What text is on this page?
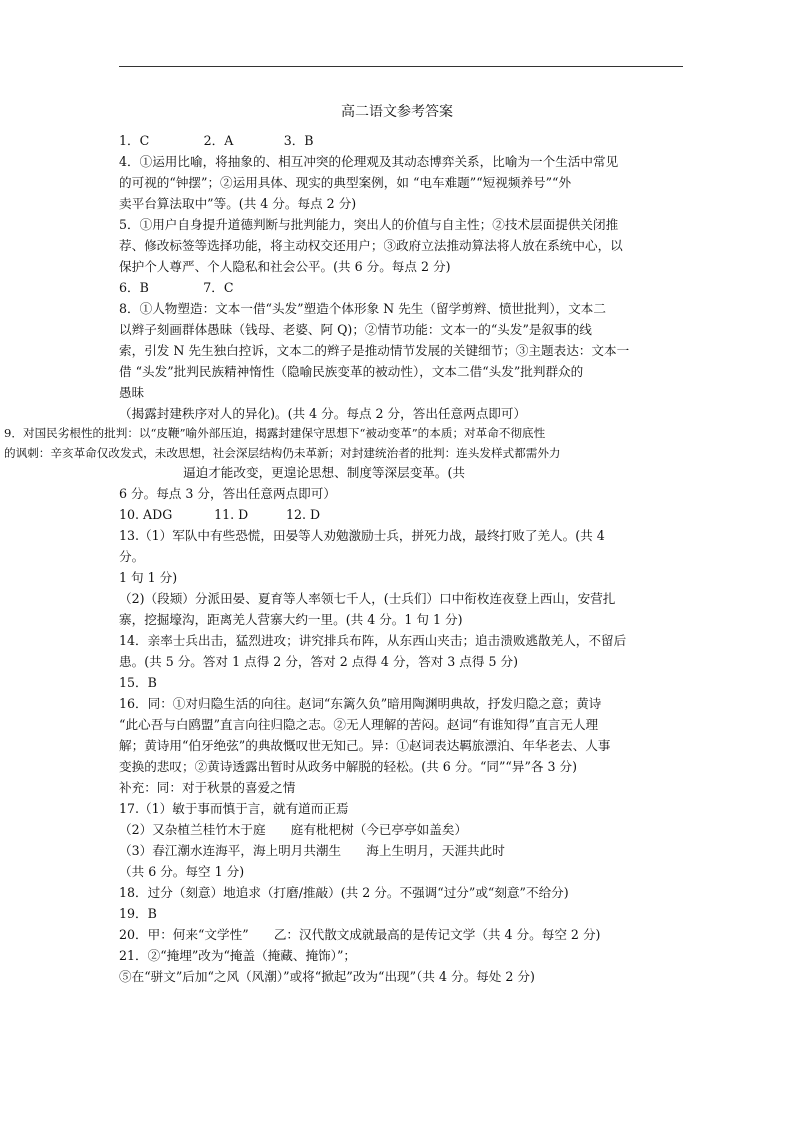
高二语文参考答案
1．C　　　　 2．A　　　　3．B
4．①运用比喻，将抽象的、相互冲突的伦理观及其动态博弈关系，比喻为一个生活中常见
的可视的“钟摆”；②运用具体、现实的典型案例，如 “电车难题”“短视频养号”“外
卖平台算法取中”等。(共 4 分。每点 2 分)
5．①用户自身提升道德判断与批判能力，突出人的价值与自主性；②技术层面提供关闭推
荐、修改标签等选择功能，将主动权交还用户；③政府立法推动算法将人放在系统中心，以
保护个人尊严、个人隐私和社会公平。(共 6 分。每点 2 分)
6．B　　　　 7．C
8．①人物塑造：文本一借“头发”塑造个体形象 N 先生（留学剪辫、愤世批判），文本二
以辫子刻画群体愚昧（钱母、老婆、阿 Q)；②情节功能：文本一的“头发”是叙事的线
索，引发 N 先生独白控诉，文本二的辫子是推动情节发展的关键细节；③主题表达：文本一
借 “头发”批判民族精神惰性（隐喻民族变革的被动性），文本二借“头发”批判群众的
愚昧
（揭露封建秩序对人的异化)。(共 4 分。每点 2 分，答出任意两点即可）
9．对国民劣根性的批判：以“皮鞭”喻外部压迫，揭露封建保守思想下“被动变革”的本质；对革命不彻底性
的讽刺：辛亥革命仅改发式，未改思想，社会深层结构仍未革新；对封建统治者的批判：连头发样式都需外力
逼迫才能改变，更遑论思想、制度等深层变革。(共
6 分。每点 3 分，答出任意两点即可）
10. ADG　　　 11. D　　　12. D
13.（1）军队中有些恐慌，田晏等人劝勉激励士兵，拼死力战，最终打败了羌人。(共 4
分。
1 句 1 分)
（2)（段颎）分派田晏、夏育等人率领七千人，(士兵们）口中衔枚连夜登上西山，安营扎
寨，挖掘壕沟，距离羌人营寨大约一里。(共 4 分。1 句 1 分)
14．亲率士兵出击，猛烈进攻；讲究排兵布阵，从东西山夹击；追击溃败逃散羌人，不留后
患。(共 5 分。答对 1 点得 2 分，答对 2 点得 4 分，答对 3 点得 5 分)
15．B
16．同：①对归隐生活的向往。赵词“东篱久负”暗用陶渊明典故，抒发归隐之意；黄诗
“此心吾与白鸥盟”直言向往归隐之志。②无人理解的苦闷。赵词“有谁知得”直言无人理
解；黄诗用“伯牙绝弦”的典故慨叹世无知己。异：①赵词表达羁旅漂泊、年华老去、人事
变换的悲叹；②黄诗透露出暂时从政务中解脱的轻松。(共 6 分。“同”“异”各 3 分)
补充：同：对于秋景的喜爱之情
17.（1）敏于事而慎于言，就有道而正焉
（2）又杂植兰桂竹木于庭　　庭有枇杷树（今已亭亭如盖矣）
（3）春江潮水连海平，海上明月共潮生　　海上生明月，天涯共此时
（共 6 分。每空 1 分)
18．过分（刻意）地追求（打磨/推敲）(共 2 分。不强调“过分”或“刻意”不给分)
19．B
20．甲：何来“文学性”　　乙：汉代散文成就最高的是传记文学（共 4 分。每空 2 分)
21．②“掩埋”改为“掩盖（掩藏、掩饰）”；
⑤在“骈文”后加“之风（风潮）”或将“掀起”改为“出现”（共 4 分。每处 2 分)
